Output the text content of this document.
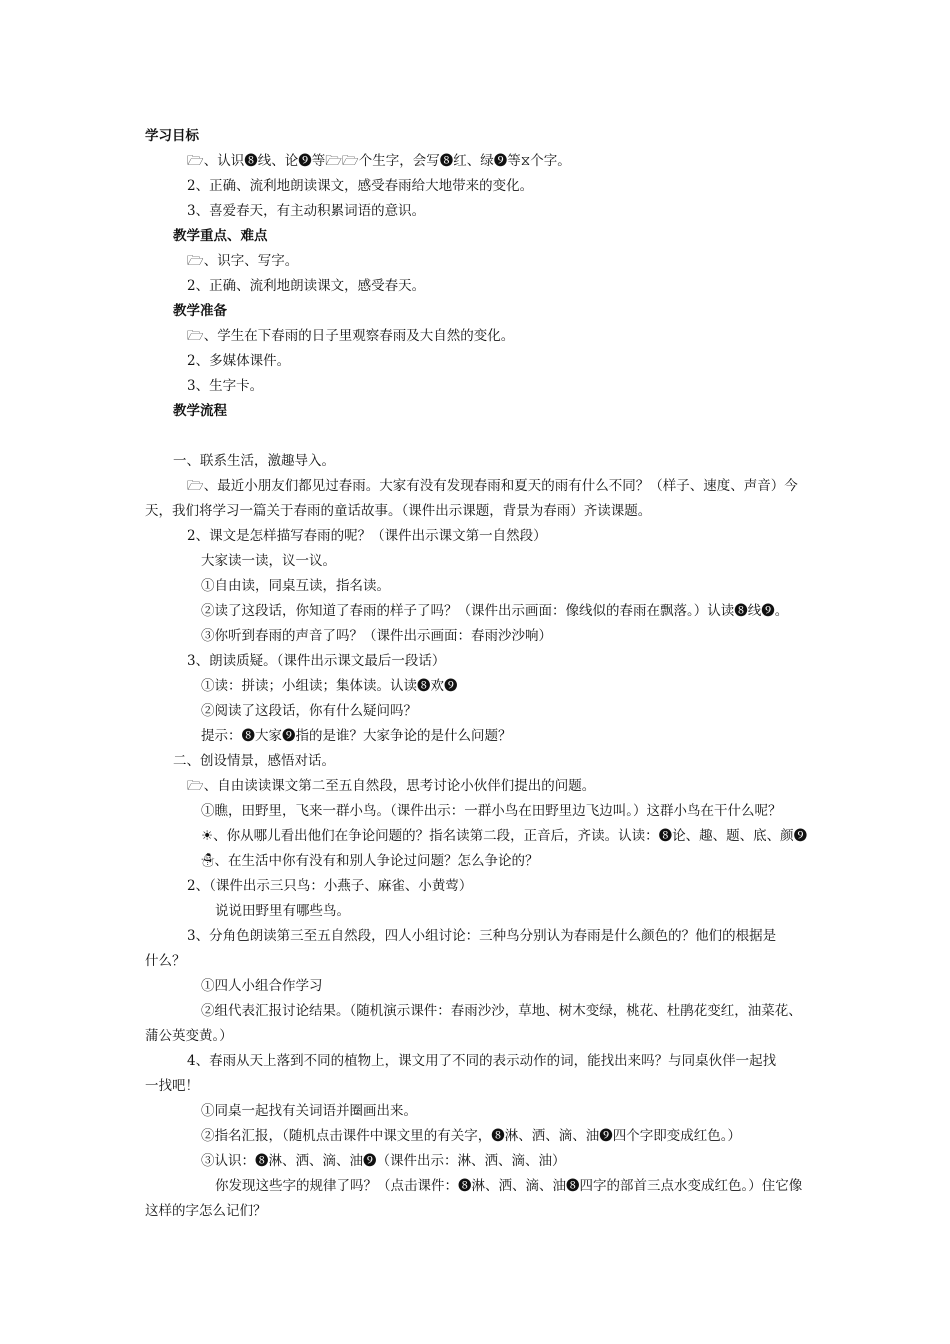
学习目标
🗁、认识❽线、论❾等🗁🗁个生字，会写❽红、绿❾等⧖个字。
2、正确、流利地朗读课文，感受春雨给大地带来的变化。
3、喜爱春天，有主动积累词语的意识。
教学重点、难点
🗁、识字、写字。
2、正确、流利地朗读课文，感受春天。
教学准备
🗁、学生在下春雨的日子里观察春雨及大自然的变化。
2、多媒体课件。
3、生字卡。
教学流程
一、联系生活，激趣导入。
🗁、最近小朋友们都见过春雨。大家有没有发现春雨和夏天的雨有什么不同？（样子、速度、声音）今
天，我们将学习一篇关于春雨的童话故事。（课件出示课题，背景为春雨）齐读课题。
2、课文是怎样描写春雨的呢？（课件出示课文第一自然段）
大家读一读，议一议。
①自由读，同桌互读，指名读。
②读了这段话，你知道了春雨的样子了吗？（课件出示画面：像线似的春雨在飘落。）认读❽线❾。
③你听到春雨的声音了吗？（课件出示画面：春雨沙沙响）
3、朗读质疑。（课件出示课文最后一段话）
①读：拼读；小组读；集体读。认读❽欢❾
②阅读了这段话，你有什么疑问吗？
提示：❽大家❾指的是谁？大家争论的是什么问题？
二、创设情景，感悟对话。
🗁、自由读读课文第二至五自然段，思考讨论小伙伴们提出的问题。
①瞧，田野里，飞来一群小鸟。（课件出示：一群小鸟在田野里边飞边叫。）这群小鸟在干什么呢？
☀、你从哪儿看出他们在争论问题的？指名读第二段，正音后，齐读。认读：❽论、趣、题、底、颜❾
☃、在生活中你有没有和别人争论过问题？怎么争论的？
2、（课件出示三只鸟：小燕子、麻雀、小黄莺）
说说田野里有哪些鸟。
3、分角色朗读第三至五自然段，四人小组讨论：三种鸟分别认为春雨是什么颜色的？他们的根据是
什么？
①四人小组合作学习
②组代表汇报讨论结果。（随机演示课件：春雨沙沙，草地、树木变绿，桃花、杜鹃花变红，油菜花、
蒲公英变黄。）
4、春雨从天上落到不同的植物上，课文用了不同的表示动作的词，能找出来吗？与同桌伙伴一起找
一找吧！
①同桌一起找有关词语并圈画出来。
②指名汇报，（随机点击课件中课文里的有关字，❽淋、洒、滴、油❾四个字即变成红色。）
③认识：❽淋、洒、滴、油❾（课件出示：淋、洒、滴、油）
你发现这些字的规律了吗？（点击课件：❽淋、洒、滴、油❽四字的部首三点水变成红色。）住它像
这样的字怎么记们？
